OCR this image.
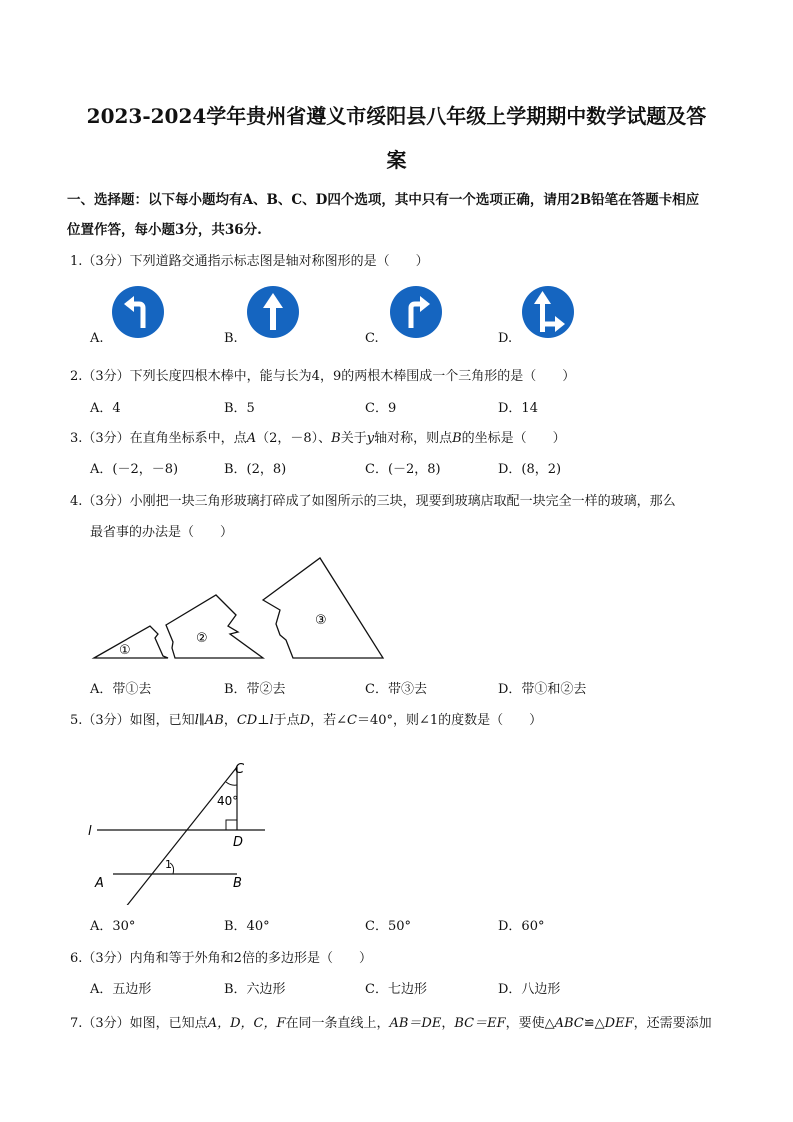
2023-2024学年贵州省遵义市绥阳县八年级上学期期中数学试题及答
案
一、选择题：以下每小题均有A、B、C、D四个选项，其中只有一个选项正确，请用2B铅笔在答题卡相应
位置作答，每小题3分，共36分.
1.（3分）下列道路交通指示标志图是轴对称图形的是（　　）
A.	B.	C.	D.
2.（3分）下列长度四根木棒中，能与长为4，9的两根木棒围成一个三角形的是（　　）
A．4	B．5	C．9	D．14
3.（3分）在直角坐标系中，点A（2，－8）、B关于y轴对称，则点B的坐标是（　　）
A．(－2，－8)	B．(2，8)	C．(－2，8)	D．(8，2)
4.（3分）小刚把一块三角形玻璃打碎成了如图所示的三块，现要到玻璃店取配一块完全一样的玻璃，那么
最省事的办法是（　　）
①
②
③
A．带①去	B．带②去	C．带③去	D．带①和②去
5.（3分）如图，已知l∥AB，CD⊥l于点D，若∠C＝40°，则∠1的度数是（　　）
C
40°
l
D
1
A	B
A．30°	B．40°	C．50°	D．60°
6.（3分）内角和等于外角和2倍的多边形是（　　）
A．五边形	B．六边形	C．七边形	D．八边形
7.（3分）如图，已知点A，D，C，F在同一条直线上，AB＝DE，BC＝EF，要使△ABC≌△DEF，还需要添加
